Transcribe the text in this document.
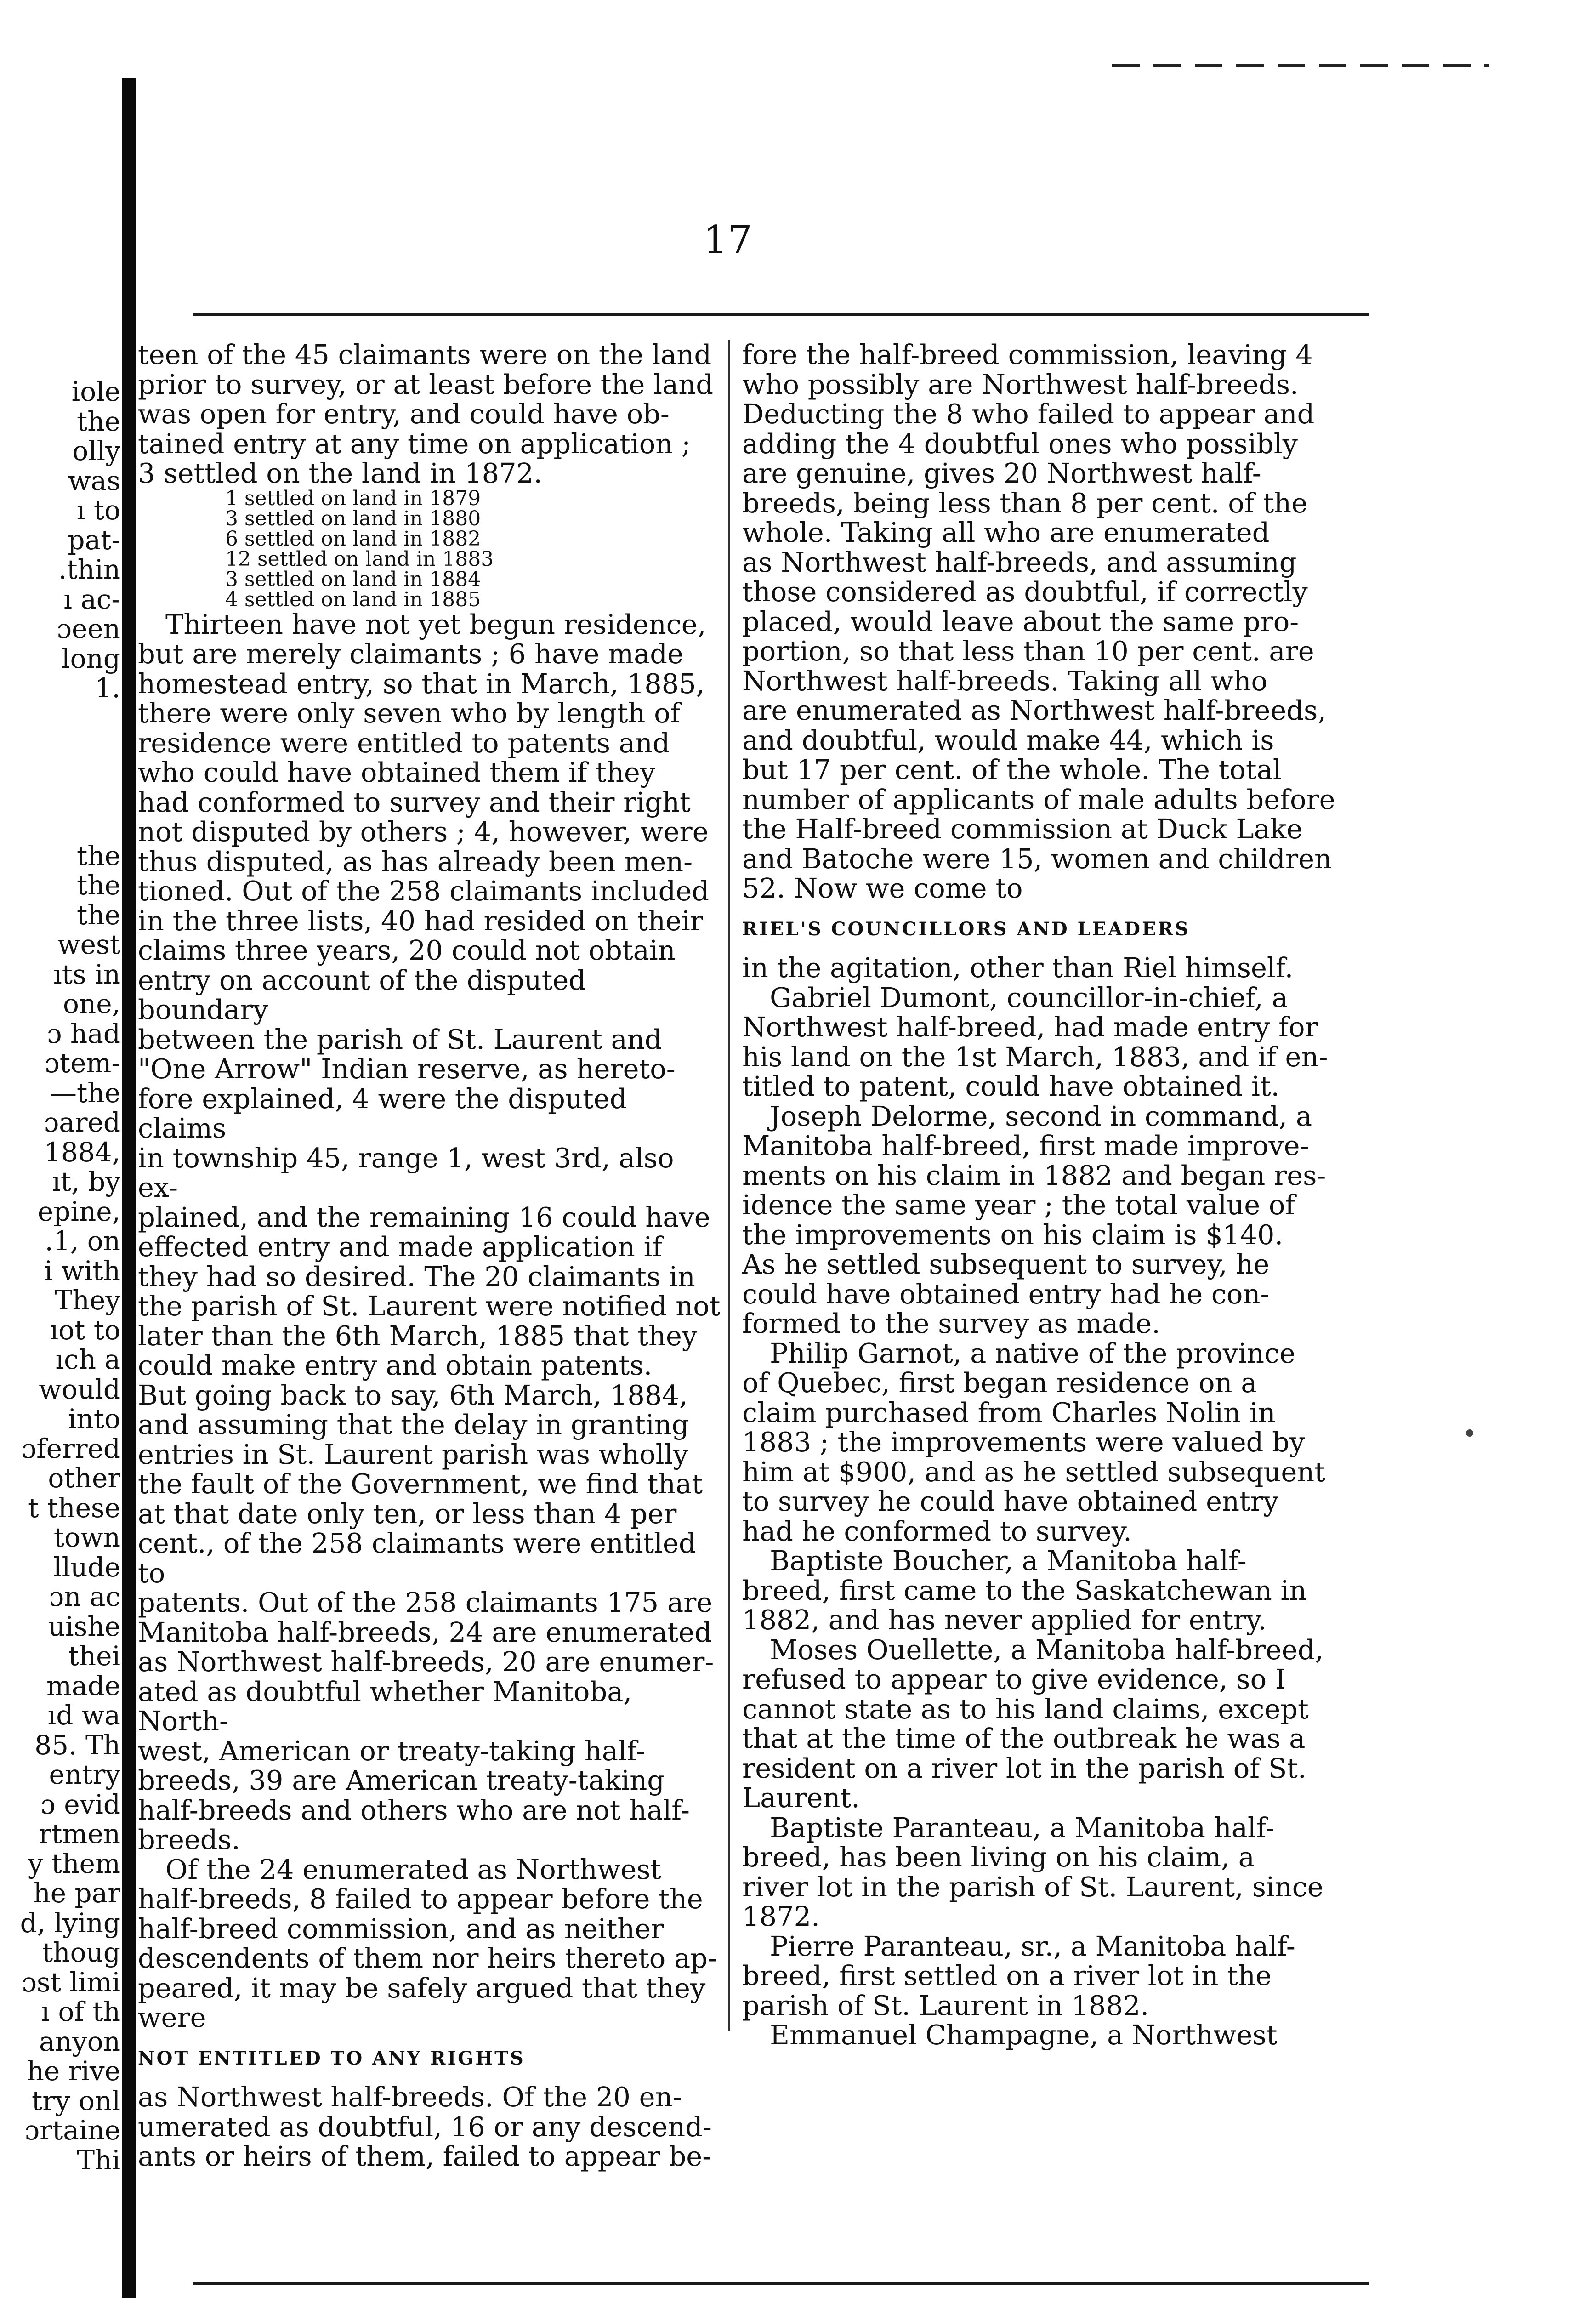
17
iole
the
olly
was
ı to
pat-
.thin
ı ac-
ɔeen
long
1.
the
the
the
west
ıts in
one,
ɔ had
ɔtem-
—the
ɔared
1884,
ıt, by
epine,
.1, on
i with
They
ıot to
ıch a
would
into
ɔferred
other
t these
town
llude
ɔn ac
uishe
thei
made
ıd wa
85. Th
entry
ɔ evid
rtmen
y them
he par
d, lying
thoug
ɔst limi
ı of th
anyon
he rive
try onl
ɔrtaine
Thi

teen of the 45 claimants were on the land
prior to survey, or at least before the land
was open for entry, and could have ob-
tained entry at any time on application ;
3 settled on the land in 1872.

1 settled on land in 1879
3 settled on land in 1880
6 settled on land in 1882
12 settled on land in 1883
3 settled on land in 1884
4 settled on land in 1885

Thirteen have not yet begun residence,
but are merely claimants ; 6 have made
homestead entry, so that in March, 1885,
there were only seven who by length of
residence were entitled to patents and
who could have obtained them if they
had conformed to survey and their right
not disputed by others ; 4, however, were
thus disputed, as has already been men-
tioned. Out of the 258 claimants included
in the three lists, 40 had resided on their
claims three years, 20 could not obtain
entry on account of the disputed boundary
between the parish of St. Laurent and
"One Arrow" Indian reserve, as hereto-
fore explained, 4 were the disputed claims
in township 45, range 1, west 3rd, also ex-
plained, and the remaining 16 could have
effected entry and made application if
they had so desired. The 20 claimants in
the parish of St. Laurent were notified not
later than the 6th March, 1885 that they
could make entry and obtain patents.
But going back to say, 6th March, 1884,
and assuming that the delay in granting
entries in St. Laurent parish was wholly
the fault of the Government, we find that
at that date only ten, or less than 4 per
cent., of the 258 claimants were entitled to
patents. Out of the 258 claimants 175 are
Manitoba half-breeds, 24 are enumerated
as Northwest half-breeds, 20 are enumer-
ated as doubtful whether Manitoba, North-
west, American or treaty-taking half-
breeds, 39 are American treaty-taking
half-breeds and others who are not half-
breeds.

Of the 24 enumerated as Northwest
half-breeds, 8 failed to appear before the
half-breed commission, and as neither
descendents of them nor heirs thereto ap-
peared, it may be safely argued that they
were

NOT ENTITLED TO ANY RIGHTS

as Northwest half-breeds. Of the 20 en-
umerated as doubtful, 16 or any descend-
ants or heirs of them, failed to appear be-

fore the half-breed commission, leaving 4
who possibly are Northwest half-breeds.
Deducting the 8 who failed to appear and
adding the 4 doubtful ones who possibly
are genuine, gives 20 Northwest half-
breeds, being less than 8 per cent. of the
whole. Taking all who are enumerated
as Northwest half-breeds, and assuming
those considered as doubtful, if correctly
placed, would leave about the same pro-
portion, so that less than 10 per cent. are
Northwest half-breeds. Taking all who
are enumerated as Northwest half-breeds,
and doubtful, would make 44, which is
but 17 per cent. of the whole. The total
number of applicants of male adults before
the Half-breed commission at Duck Lake
and Batoche were 15, women and children
52. Now we come to

RIEL'S COUNCILLORS AND LEADERS

in the agitation, other than Riel himself.

Gabriel Dumont, councillor-in-chief, a
Northwest half-breed, had made entry for
his land on the 1st March, 1883, and if en-
titled to patent, could have obtained it.

Joseph Delorme, second in command, a
Manitoba half-breed, first made improve-
ments on his claim in 1882 and began res-
idence the same year ; the total value of
the improvements on his claim is $140.
As he settled subsequent to survey, he
could have obtained entry had he con-
formed to the survey as made.

Philip Garnot, a native of the province
of Quebec, first began residence on a
claim purchased from Charles Nolin in
1883 ; the improvements were valued by
him at $900, and as he settled subsequent
to survey he could have obtained entry
had he conformed to survey.

Baptiste Boucher, a Manitoba half-
breed, first came to the Saskatchewan in
1882, and has never applied for entry.

Moses Ouellette, a Manitoba half-breed,
refused to appear to give evidence, so I
cannot state as to his land claims, except
that at the time of the outbreak he was a
resident on a river lot in the parish of St.
Laurent.

Baptiste Paranteau, a Manitoba half-
breed, has been living on his claim, a
river lot in the parish of St. Laurent, since
1872.

Pierre Paranteau, sr., a Manitoba half-
breed, first settled on a river lot in the
parish of St. Laurent in 1882.

Emmanuel Champagne, a Northwest
